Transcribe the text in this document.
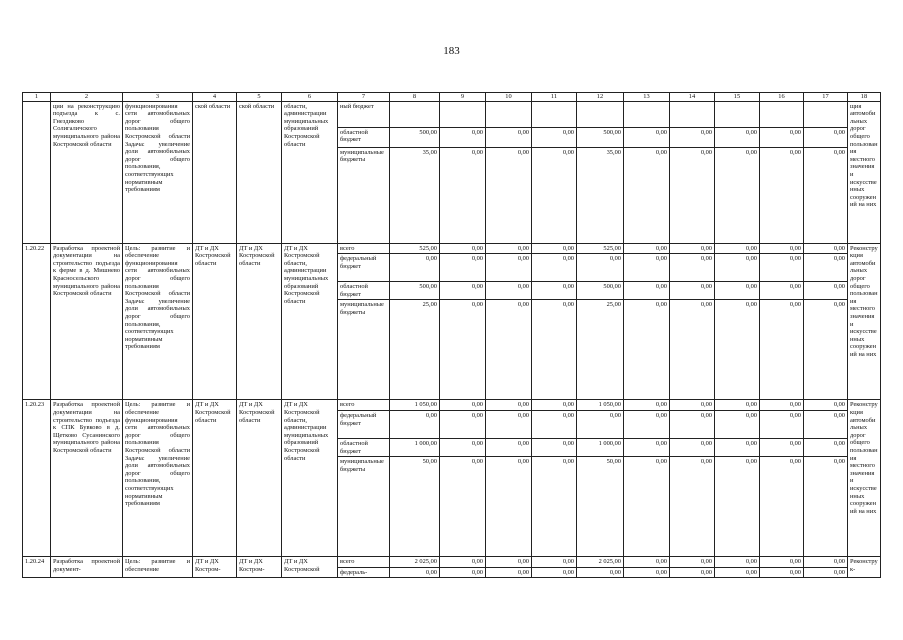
183
1	2	3	4	5	6	7	8	9	10	11	12	13	14	15	16	17	18
	ции на реконструкцию подъезда к с. Гнездиково Солигаличского муниципального района Костромской области	функционирования сети автомобильных дорог общего пользования Костромской области Задача: увеличение доли автомобильных дорог общего пользования, соответствующих нормативным требованиям	ской области	ской области	области, администрации муниципальных образований Костромской области	ный бюджет											щия автомобильных дорог общего пользования местного значения и искусственных сооружений на них
						областной бюджет	500,00	0,00	0,00	0,00	500,00	0,00	0,00	0,00	0,00	0,00	
						муниципальные бюджеты	35,00	0,00	0,00	0,00	35,00	0,00	0,00	0,00	0,00	0,00	
1.20.22	Разработка проектной документации на строительство подъезда к ферме в д. Мишнево Красносельского муниципального района Костромской области	Цель: развитие и обеспечение функционирования сети автомобильных дорог общего пользования Костромской области Задача: увеличение доли автомобильных дорог общего пользования, соответствующих нормативным требованиям	ДТ и ДХ Костромской области	ДТ и ДХ Костромской области	ДТ и ДХ Костромской области, администрации муниципальных образований Костромской области	всего	525,00	0,00	0,00	0,00	525,00	0,00	0,00	0,00	0,00	0,00	Реконструкция автомобильных дорог общего пользования местного значения и искусственных сооружений на них
						федеральный бюджет	0,00	0,00	0,00	0,00	0,00	0,00	0,00	0,00	0,00	0,00	
						областной бюджет	500,00	0,00	0,00	0,00	500,00	0,00	0,00	0,00	0,00	0,00	
						муниципальные бюджеты	25,00	0,00	0,00	0,00	25,00	0,00	0,00	0,00	0,00	0,00	
1.20.23	Разработка проектной документации на строительство подъезда к СПК Бувково в д. Щетково Сусанинского муниципального района Костромской области	Цель: развитие и обеспечение функционирования сети автомобильных дорог общего пользования Костромской области Задача: увеличение доли автомобильных дорог общего пользования, соответствующих нормативным требованиям	ДТ и ДХ Костромской области	ДТ и ДХ Костромской области	ДТ и ДХ Костромской области, администрации муниципальных образований Костромской области	всего	1 050,00	0,00	0,00	0,00	1 050,00	0,00	0,00	0,00	0,00	0,00	Реконструкция автомобильных дорог общего пользования местного значения и искусственных сооружений на них
						федеральный бюджет	0,00	0,00	0,00	0,00	0,00	0,00	0,00	0,00	0,00	0,00	
						областной бюджет	1 000,00	0,00	0,00	0,00	1 000,00	0,00	0,00	0,00	0,00	0,00	
						муниципальные бюджеты	50,00	0,00	0,00	0,00	50,00	0,00	0,00	0,00	0,00	0,00	
1.20.24	Разработка проектной документ-	Цель: развитие и обеспечение	ДТ и ДХ Костром-	ДТ и ДХ Костром-	ДТ и ДХ Костромской	всего	2 025,00	0,00	0,00	0,00	2 025,00	0,00	0,00	0,00	0,00	0,00	Реконструк-
						федераль-	0,00	0,00	0,00	0,00	0,00	0,00	0,00	0,00	0,00	0,00	
